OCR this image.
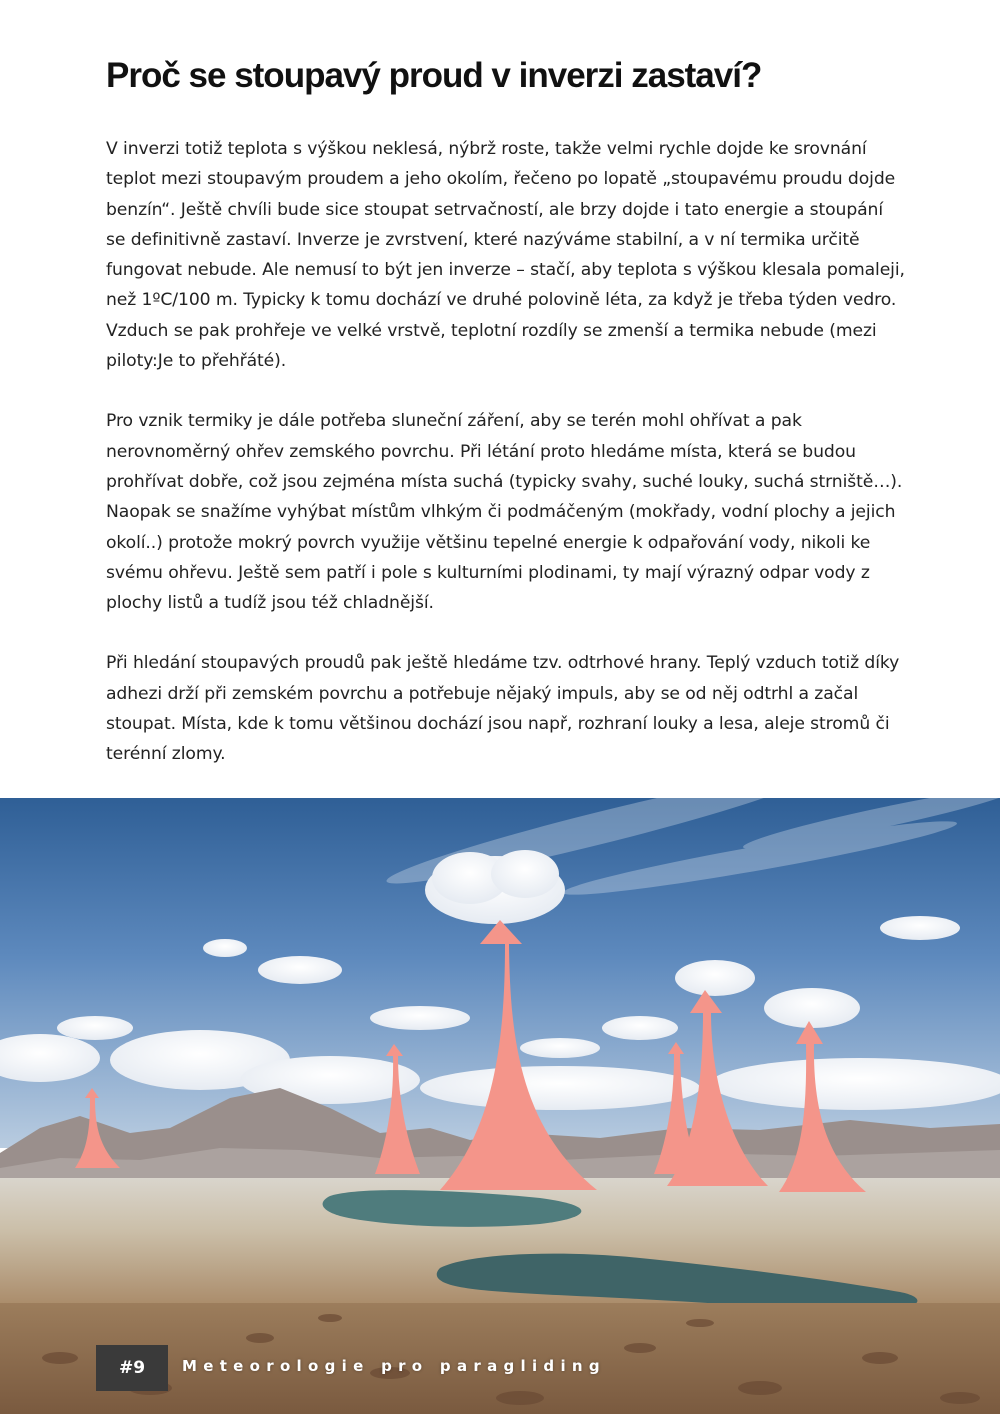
Proč se stoupavý proud v inverzi zastaví?

V inverzi totiž teplota s výškou neklesá, nýbrž roste, takže velmi rychle dojde ke srovnání teplot mezi stoupavým proudem a jeho okolím, řečeno po lopatě „stoupavému proudu dojde benzín“. Ještě chvíli bude sice stoupat setrvačností, ale brzy dojde i tato energie a stoupání se definitivně zastaví. Inverze je zvrstvení, které nazýváme stabilní, a v ní termika určitě fungovat nebude. Ale nemusí to být jen inverze – stačí, aby teplota s výškou klesala pomaleji, než 1ºC/100 m. Typicky k tomu dochází ve druhé polovině léta, za když je třeba týden vedro. Vzduch se pak prohřeje ve velké vrstvě, teplotní rozdíly se zmenší a termika nebude (mezi piloty:Je to přehřáté).

Pro vznik termiky je dále potřeba sluneční záření, aby se terén mohl ohřívat a pak nerovnoměrný ohřev zemského povrchu. Při létání proto hledáme místa, která se budou prohřívat dobře, což jsou zejména místa suchá (typicky svahy, suché louky, suchá strniště…). Naopak se snažíme vyhýbat místům vlhkým či podmáčeným (mokřady, vodní plochy a jejich okolí..) protože mokrý povrch využije většinu tepelné energie k odpařování vody, nikoli ke svému ohřevu. Ještě sem patří i pole s kulturními plodinami, ty mají výrazný odpar vody z plochy listů a tudíž jsou též chladnější.

Při hledání stoupavých proudů pak ještě hledáme tzv. odtrhové hrany. Teplý vzduch totiž díky adhezi drží při zemském povrchu a potřebuje nějaký impuls, aby se od něj odtrhl a začal stoupat. Místa, kde k tomu většinou dochází jsou např, rozhraní louky a lesa, aleje stromů či terénní zlomy.

#9 Meteorologie pro paragliding
